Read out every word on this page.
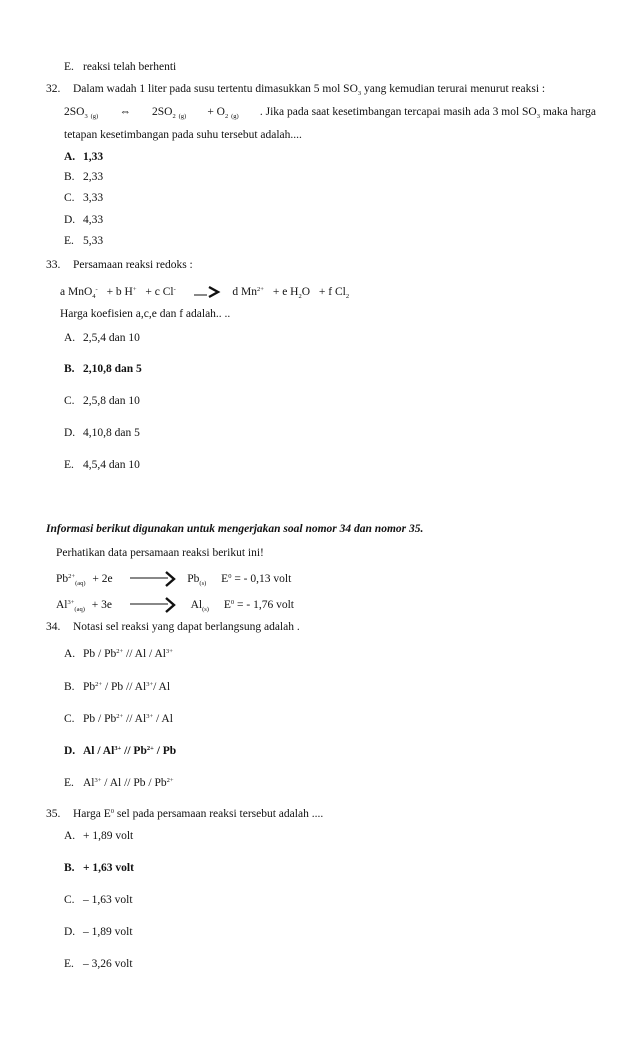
E. reaksi telah berhenti
32. Dalam wadah 1 liter pada susu tertentu dimasukkan 5 mol $SO_3$ yang kemudian terurai menurut reaksi :
$2SO_3$ $_{(g)}$ ⇔ $2SO_2$ $_{(g)} + O_2$ $_{(g)}$ . Jika pada saat kesetimbangan tercapai masih ada 3 mol $SO_3$ maka harga
tetapan kesetimbangan pada suhu tersebut adalah....
A. 1,33
B. 2,33
C. 3,33
D. 4,33
E. 5,33
33. Persamaan reaksi redoks :
a MnO$_4$- + b H+ + c Cl- → d $Mn^{2+} + e$ $H_2O + f$ $Cl_2$
Harga koefisien a,c,e dan f adalah.. ..
A. 2,5,4 dan 10
B. 2,10,8 dan 5
C. 2,5,8 dan 10
D. 4,10,8 dan 5
E. 4,5,4 dan 10
Informasi berikut digunakan untuk mengerjakan soal nomor 34 dan nomor 35.
Perhatikan data persamaan reaksi berikut ini!
$Pb^{2+}_{(aq)} + 2e$	$Pb_{(s)}$ $E^0$ = - 0,13 volt
$Al^{3+}_{(aq)} + 3e$	$Al_{(s)}$ $E^0$ = - 1,76 volt
34. Notasi sel reaksi yang dapat berlangsung adalah .
A. Pb / $Pb^{2+}$ // Al / $Al^{3+}$
B. $Pb^{2+}$ / Pb // $Al^{3+}/$ Al
C. Pb / $Pb^{2+} // Al^{3+}$ / Al
D. Al / $Al^{3+} // Pb^{2+}$ / Pb
E. $Al^{3+}$ / Al // Pb / $Pb^{2+}$
35. Harga $E^0$ sel pada persamaan reaksi tersebut adalah ....
A. + 1,89 volt
B. + 1,63 volt
C. – 1,63 volt
D. – 1,89 volt
E. – 3,26 volt
